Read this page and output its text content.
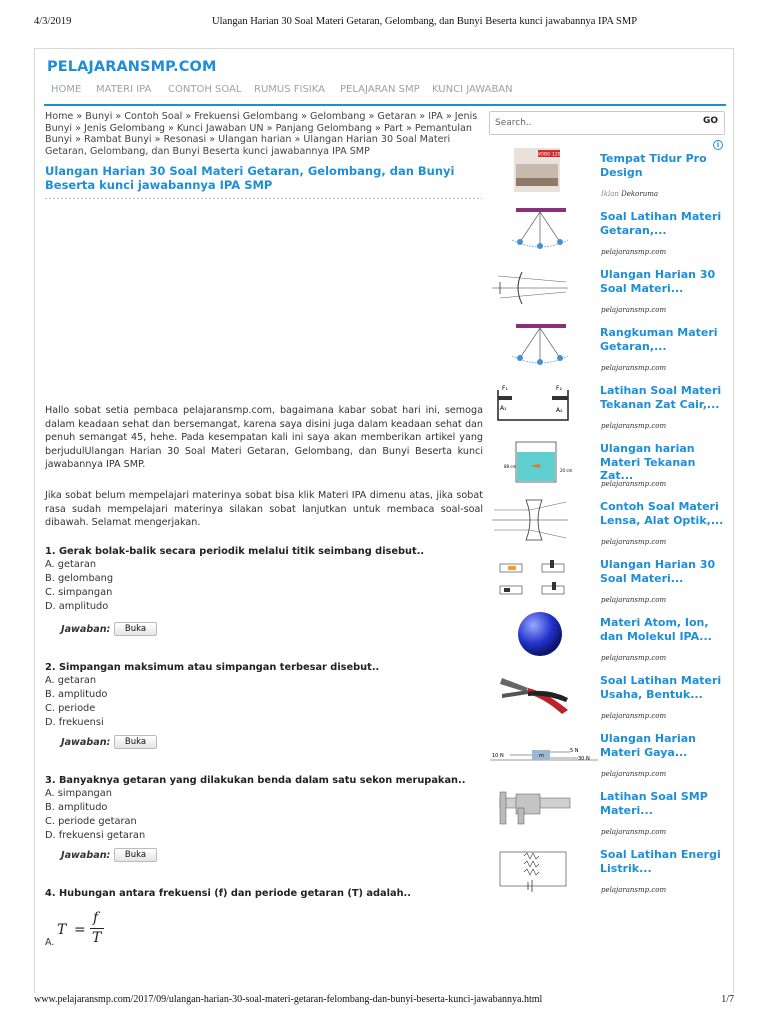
4/3/2019	Ulangan Harian 30 Soal Materi Getaran, Gelombang, dan Bunyi Beserta kunci jawabannya IPA SMP
PELAJARANSMP.COM
HOME MATERI IPA CONTOH SOAL RUMUS FISIKA PELAJARAN SMP KUNCI JAWABAN
Home » Bunyi » Contoh Soal » Frekuensi Gelombang » Gelombang » Getaran » IPA » Jenis Bunyi » Jenis Gelombang » Kunci Jawaban UN » Panjang Gelombang » Part » Pemantulan Bunyi » Rambat Bunyi » Resonasi » Ulangan harian » Ulangan Harian 30 Soal Materi Getaran, Gelombang, dan Bunyi Beserta kunci jawabannya IPA SMP
Search..
GO
Ulangan Harian 30 Soal Materi Getaran, Gelombang, dan Bunyi Beserta kunci jawabannya IPA SMP

Hallo sobat setia pembaca pelajaransmp.com, bagaimana kabar sobat hari ini, semoga dalam keadaan sehat dan bersemangat, karena saya disini juga dalam keadaan sehat dan penuh semangat 45, hehe. Pada kesempatan kali ini saya akan memberikan artikel yang berjudulUlangan Harian 30 Soal Materi Getaran, Gelombang, dan Bunyi Beserta kunci jawabannya IPA SMP.

Jika sobat belum mempelajari materinya sobat bisa klik Materi IPA dimenu atas, jika sobat rasa sudah mempelajari materinya silakan sobat lanjutkan untuk membaca soal-soal dibawah. Selamat mengerjakan.

1. Gerak bolak-balik secara periodik melalui titik seimbang disebut..
A. getaran
B. gelombang
C. simpangan
D. amplitudo
Jawaban:	Buka
2. Simpangan maksimum atau simpangan terbesar disebut..
A. getaran
B. amplitudo
C. periode
D. frekuensi
Jawaban:	Buka
3. Banyaknya getaran yang dilakukan benda dalam satu sekon merupakan..
A. simpangan
B. amplitudo
C. periode getaran
D. frekuensi getaran
Jawaban:	Buka
4. Hubungan antara frekuensi (f) dan periode getaran (T) adalah..
A.
T =
f
T
i
VOBO 120	Tempat Tidur Pro Design
Iklan Dekoruma
Soal Latihan Materi Getaran,...
pelajaransmp.com
Ulangan Harian 30 Soal Materi...
pelajaransmp.com
Rangkuman Materi Getaran,...
pelajaransmp.com
F₁	F₂
A₁	A₂
Latihan Soal Materi Tekanan Zat Cair,...
pelajaransmp.com
88 cm
20 cm
Ulangan harian Materi Tekanan Zat...
pelajaransmp.com
Contoh Soal Materi Lensa, Alat Optik,...
pelajaransmp.com
Ulangan Harian 30 Soal Materi...
pelajaransmp.com
Materi Atom, Ion, dan Molekul IPA...
pelajaransmp.com
Soal Latihan Materi Usaha, Bentuk...
pelajaransmp.com
10 N	m
5 N
30 N
Ulangan Harian Materi Gaya...
pelajaransmp.com
Latihan Soal SMP Materi...
pelajaransmp.com
Soal Latihan Energi Listrik...
pelajaransmp.com
www.pelajaransmp.com/2017/09/ulangan-harian-30-soal-materi-getaran-felombang-dan-bunyi-beserta-kunci-jawabannya.html	1/7
